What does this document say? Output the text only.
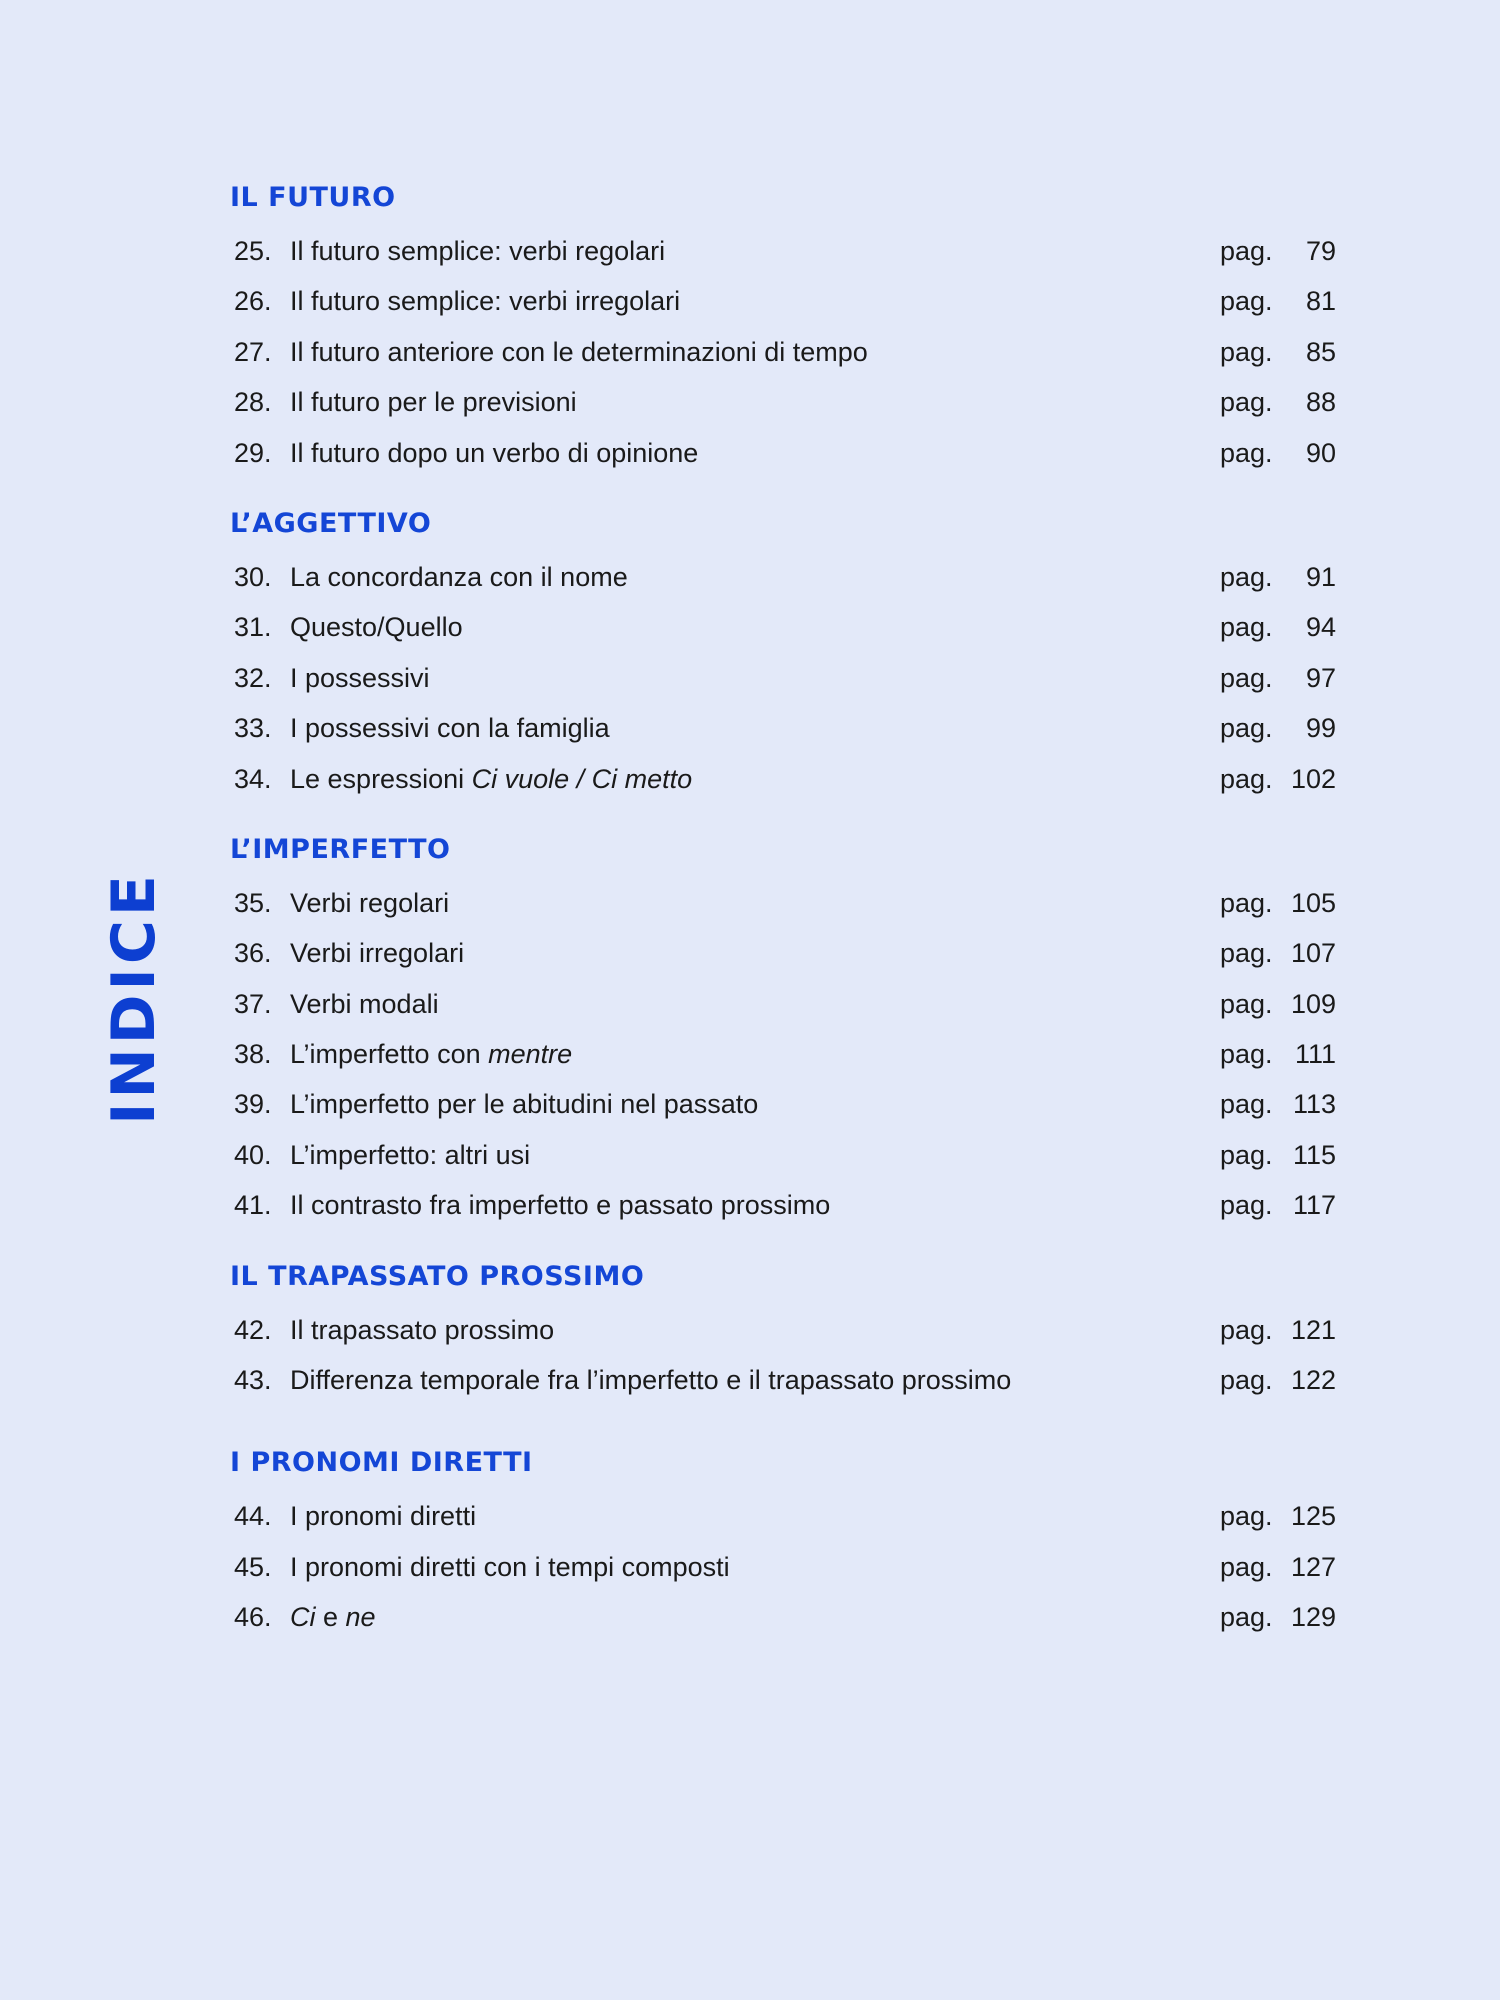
INDICE
IL FUTURO
25. Il futuro semplice: verbi regolari	pag.	79
26. Il futuro semplice: verbi irregolari	pag.	81
27. Il futuro anteriore con le determinazioni di tempo	pag.	85
28. Il futuro per le previsioni	pag.	88
29. Il futuro dopo un verbo di opinione	pag.	90
L’AGGETTIVO
30. La concordanza con il nome	pag.	91
31. Questo/Quello	pag.	94
32. I possessivi	pag.	97
33. I possessivi con la famiglia	pag.	99
34. Le espressioni Ci vuole / Ci metto	pag. 102
L’IMPERFETTO
35. Verbi regolari	pag. 105
36. Verbi irregolari	pag. 107
37. Verbi modali	pag. 109
38. L’imperfetto con mentre	pag. 111
39. L’imperfetto per le abitudini nel passato	pag. 113
40. L’imperfetto: altri usi	pag. 115
41. Il contrasto fra imperfetto e passato prossimo	pag. 117
IL TRAPASSATO PROSSIMO
42. Il trapassato prossimo	pag. 121
43. Differenza temporale fra l’imperfetto e il trapassato prossimo	pag. 122
I PRONOMI DIRETTI
44. I pronomi diretti	pag. 125
45. I pronomi diretti con i tempi composti	pag. 127
46. Ci e ne	pag. 129
